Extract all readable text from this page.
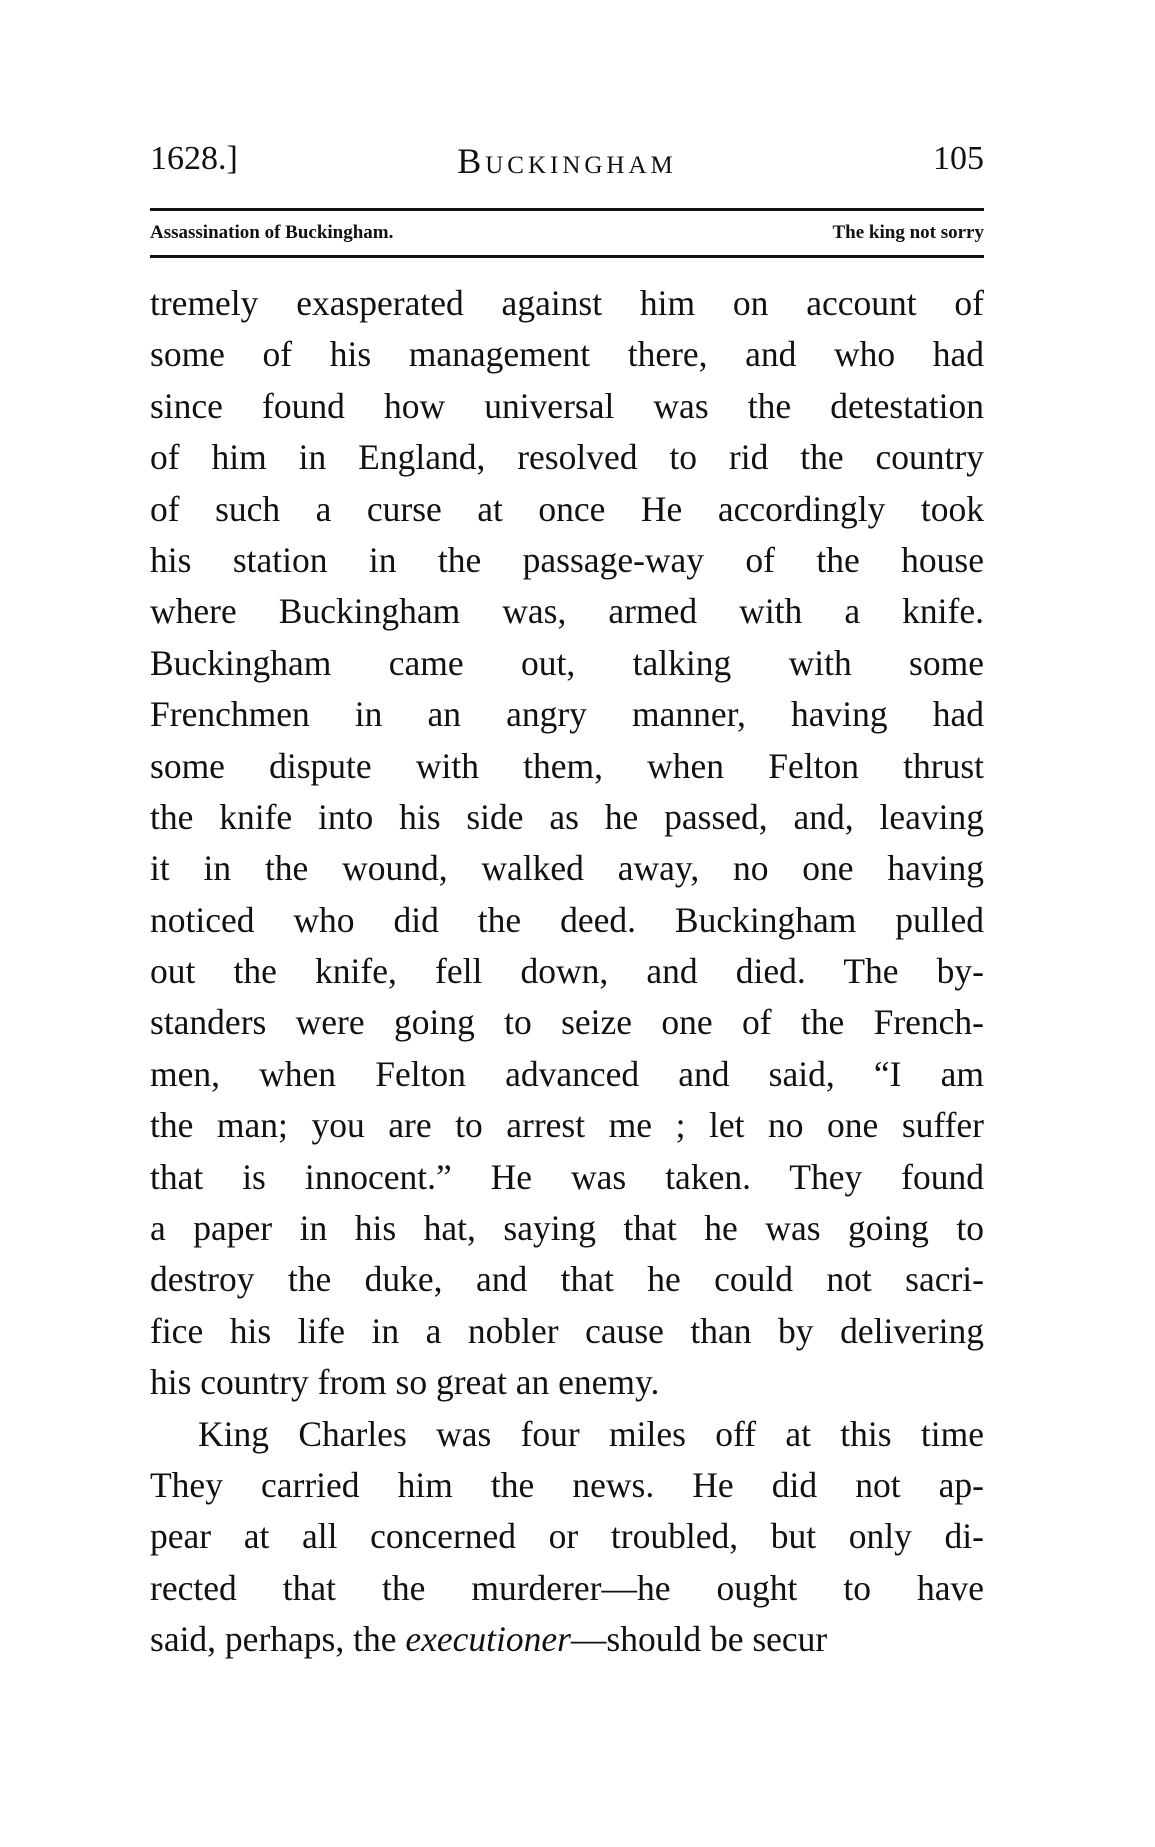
1628.]	Buckingham	105
Assassination of Buckingham.	The king not sorry
tremely exasperated against him on account of
some of his management there, and who had
since found how universal was the detestation
of him in England, resolved to rid the country
of such a curse at once He accordingly took
his station in the passage-way of the house
where Buckingham was, armed with a knife.
Buckingham came out, talking with some
Frenchmen in an angry manner, having had
some dispute with them, when Felton thrust
the knife into his side as he passed, and, leaving
it in the wound, walked away, no one having
noticed who did the deed. Buckingham pulled
out the knife, fell down, and died. The by-
standers were going to seize one of the French-
men, when Felton advanced and said, “I am
the man; you are to arrest me ; let no one suffer
that is innocent.” He was taken. They found
a paper in his hat, saying that he was going to
destroy the duke, and that he could not sacri-
fice his life in a nobler cause than by delivering
his country from so great an enemy.
King Charles was four miles off at this time
They carried him the news. He did not ap-
pear at all concerned or troubled, but only di-
rected that the murderer—he ought to have
said, perhaps, the executioner—should be secur
